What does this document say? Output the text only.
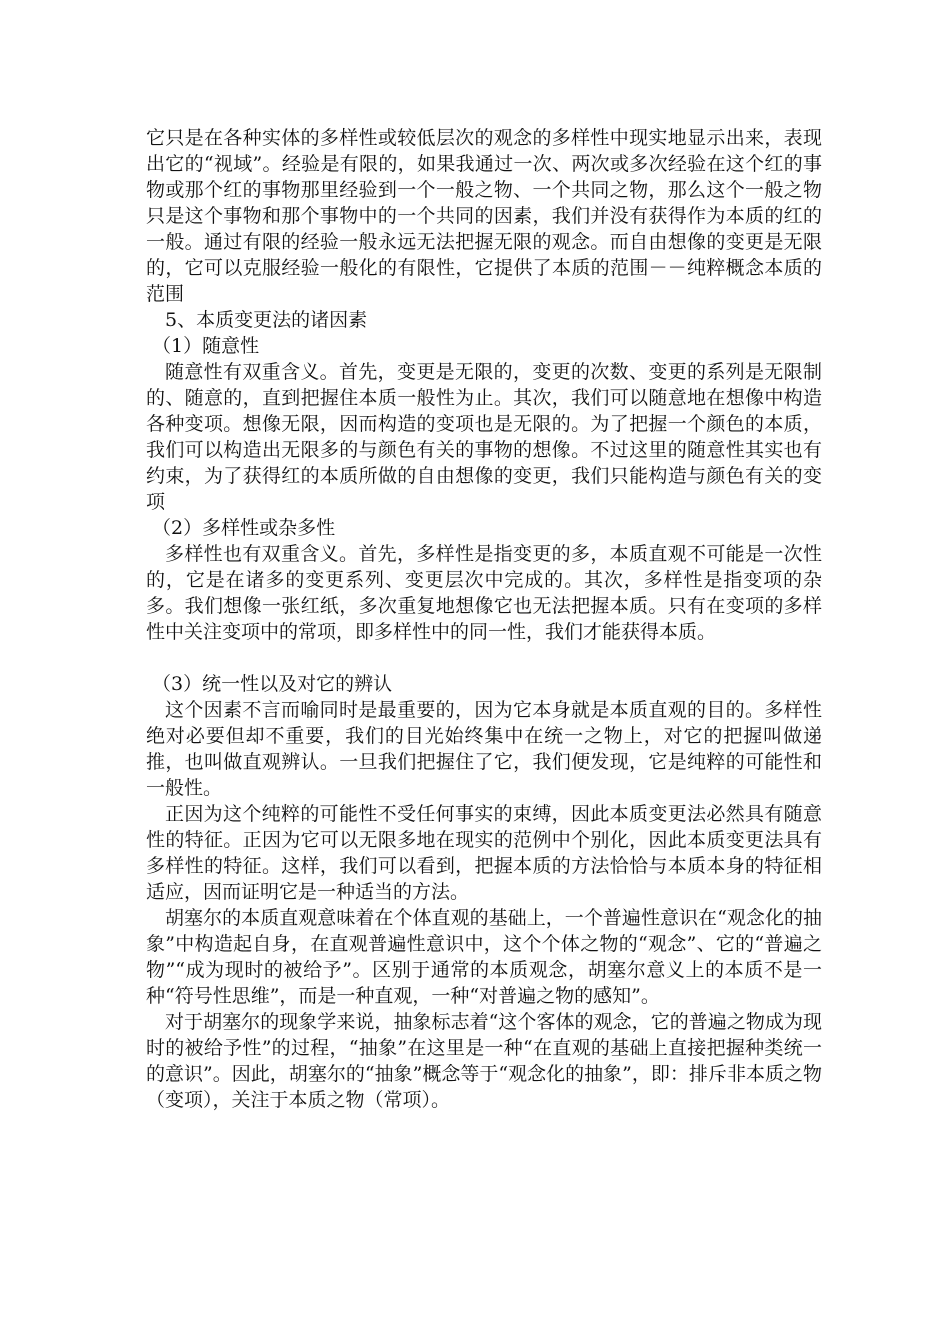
它只是在各种实体的多样性或较低层次的观念的多样性中现实地显示出来，表现出它的“视域”。经验是有限的，如果我通过一次、两次或多次经验在这个红的事物或那个红的事物那里经验到一个一般之物、一个共同之物，那么这个一般之物只是这个事物和那个事物中的一个共同的因素，我们并没有获得作为本质的红的一般。通过有限的经验一般永远无法把握无限的观念。而自由想像的变更是无限的，它可以克服经验一般化的有限性，它提供了本质的范围－－纯粹概念本质的范围

5、本质变更法的诸因素

（1）随意性

随意性有双重含义。首先，变更是无限的，变更的次数、变更的系列是无限制的、随意的，直到把握住本质一般性为止。其次，我们可以随意地在想像中构造各种变项。想像无限，因而构造的变项也是无限的。为了把握一个颜色的本质，我们可以构造出无限多的与颜色有关的事物的想像。不过这里的随意性其实也有约束，为了获得红的本质所做的自由想像的变更，我们只能构造与颜色有关的变项

（2）多样性或杂多性

多样性也有双重含义。首先，多样性是指变更的多，本质直观不可能是一次性的，它是在诸多的变更系列、变更层次中完成的。其次，多样性是指变项的杂多。我们想像一张红纸，多次重复地想像它也无法把握本质。只有在变项的多样性中关注变项中的常项，即多样性中的同一性，我们才能获得本质。

（3）统一性以及对它的辨认

这个因素不言而喻同时是最重要的，因为它本身就是本质直观的目的。多样性绝对必要但却不重要，我们的目光始终集中在统一之物上，对它的把握叫做递推，也叫做直观辨认。一旦我们把握住了它，我们便发现，它是纯粹的可能性和一般性。

正因为这个纯粹的可能性不受任何事实的束缚，因此本质变更法必然具有随意性的特征。正因为它可以无限多地在现实的范例中个别化，因此本质变更法具有多样性的特征。这样，我们可以看到，把握本质的方法恰恰与本质本身的特征相适应，因而证明它是一种适当的方法。

胡塞尔的本质直观意味着在个体直观的基础上，一个普遍性意识在“观念化的抽象”中构造起自身，在直观普遍性意识中，这个个体之物的“观念”、它的“普遍之物”“成为现时的被给予”。区别于通常的本质观念，胡塞尔意义上的本质不是一种“符号性思维”，而是一种直观，一种“对普遍之物的感知”。

对于胡塞尔的现象学来说，抽象标志着“这个客体的观念，它的普遍之物成为现时的被给予性”的过程，“抽象”在这里是一种“在直观的基础上直接把握种类统一的意识”。因此，胡塞尔的“抽象”概念等于“观念化的抽象”，即：排斥非本质之物（变项），关注于本质之物（常项）。
